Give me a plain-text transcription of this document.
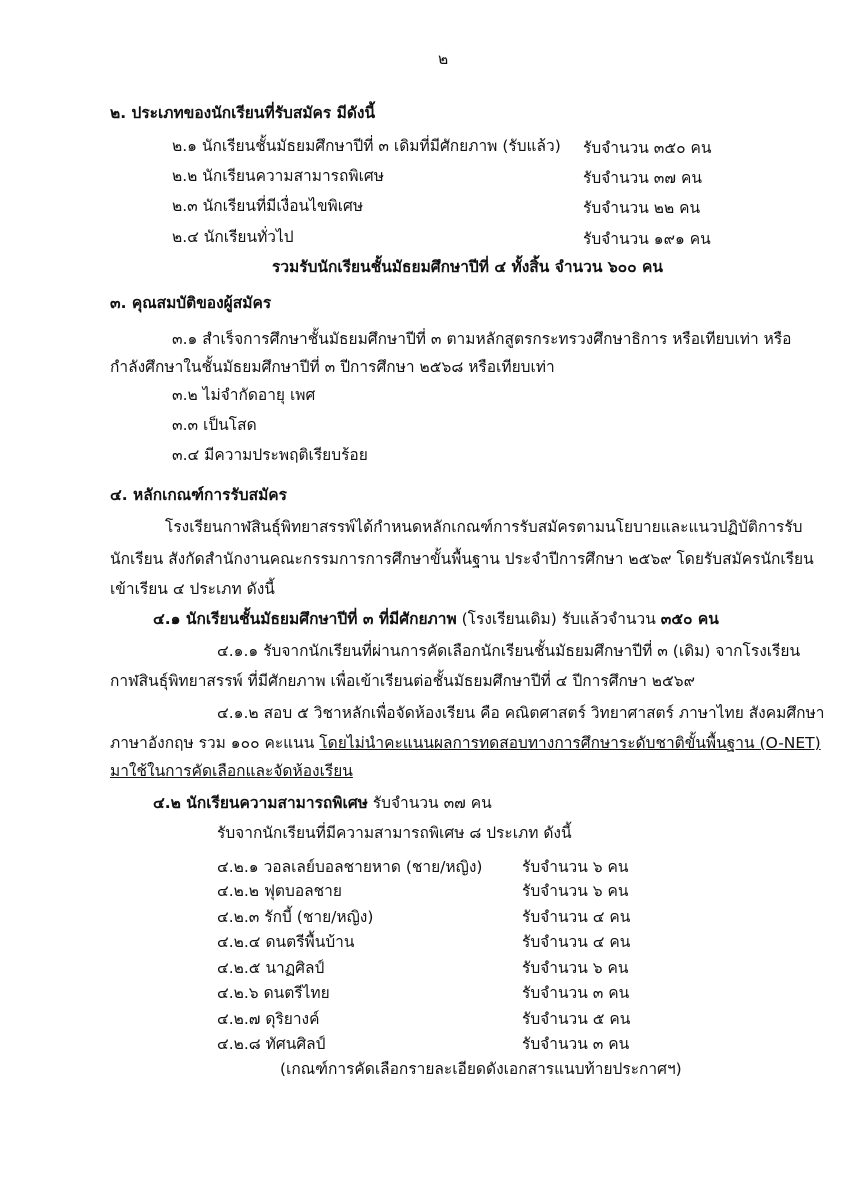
๒
๒. ประเภทของนักเรียนที่รับสมัคร มีดังนี้
๒.๑ นักเรียนชั้นมัธยมศึกษาปีที่ ๓ เดิมที่มีศักยภาพ (รับแล้ว) รับจำนวน ๓๕๐ คน
๒.๒ นักเรียนความสามารถพิเศษ	รับจำนวน ๓๗ คน
๒.๓ นักเรียนที่มีเงื่อนไขพิเศษ	รับจำนวน ๒๒ คน
๒.๔ นักเรียนทั่วไป	รับจำนวน ๑๙๑ คน
รวมรับนักเรียนชั้นมัธยมศึกษาปีที่ ๔ ทั้งสิ้น จำนวน ๖๐๐ คน
๓. คุณสมบัติของผู้สมัคร
๓.๑ สำเร็จการศึกษาชั้นมัธยมศึกษาปีที่ ๓ ตามหลักสูตรกระทรวงศึกษาธิการ หรือเทียบเท่า หรือ
กำลังศึกษาในชั้นมัธยมศึกษาปีที่ ๓ ปีการศึกษา ๒๕๖๘ หรือเทียบเท่า
๓.๒ ไม่จำกัดอายุ เพศ
๓.๓ เป็นโสด
๓.๔ มีความประพฤติเรียบร้อย
๔. หลักเกณฑ์การรับสมัคร
โรงเรียนกาฬสินธุ์พิทยาสรรพ์ได้กำหนดหลักเกณฑ์การรับสมัครตามนโยบายและแนวปฏิบัติการรับ
นักเรียน สังกัดสำนักงานคณะกรรมการการศึกษาขั้นพื้นฐาน ประจำปีการศึกษา ๒๕๖๙ โดยรับสมัครนักเรียน
เข้าเรียน ๔ ประเภท ดังนี้
๔.๑ นักเรียนชั้นมัธยมศึกษาปีที่ ๓ ที่มีศักยภาพ (โรงเรียนเดิม) รับแล้วจำนวน ๓๕๐ คน
๔.๑.๑ รับจากนักเรียนที่ผ่านการคัดเลือกนักเรียนชั้นมัธยมศึกษาปีที่ ๓ (เดิม) จากโรงเรียน
กาฬสินธุ์พิทยาสรรพ์ ที่มีศักยภาพ เพื่อเข้าเรียนต่อชั้นมัธยมศึกษาปีที่ ๔ ปีการศึกษา ๒๕๖๙
๔.๑.๒ สอบ ๕ วิชาหลักเพื่อจัดห้องเรียน คือ คณิตศาสตร์ วิทยาศาสตร์ ภาษาไทย สังคมศึกษา
ภาษาอังกฤษ รวม ๑๐๐ คะแนน โดยไม่นำคะแนนผลการทดสอบทางการศึกษาระดับชาติขั้นพื้นฐาน (O-NET)
มาใช้ในการคัดเลือกและจัดห้องเรียน
๔.๒ นักเรียนความสามารถพิเศษ รับจำนวน ๓๗ คน
รับจากนักเรียนที่มีความสามารถพิเศษ ๘ ประเภท ดังนี้
๔.๒.๑ วอลเลย์บอลชายหาด (ชาย/หญิง)	รับจำนวน ๖ คน
๔.๒.๒ ฟุตบอลชาย	รับจำนวน ๖ คน
๔.๒.๓ รักบี้ (ชาย/หญิง)	รับจำนวน ๔ คน
๔.๒.๔ ดนตรีพื้นบ้าน	รับจำนวน ๔ คน
๔.๒.๕ นาฏศิลป์	รับจำนวน ๖ คน
๔.๒.๖ ดนตรีไทย	รับจำนวน ๓ คน
๔.๒.๗ ดุริยางค์	รับจำนวน ๕ คน
๔.๒.๘ ทัศนศิลป์	รับจำนวน ๓ คน
(เกณฑ์การคัดเลือกรายละเอียดดังเอกสารแนบท้ายประกาศฯ)
